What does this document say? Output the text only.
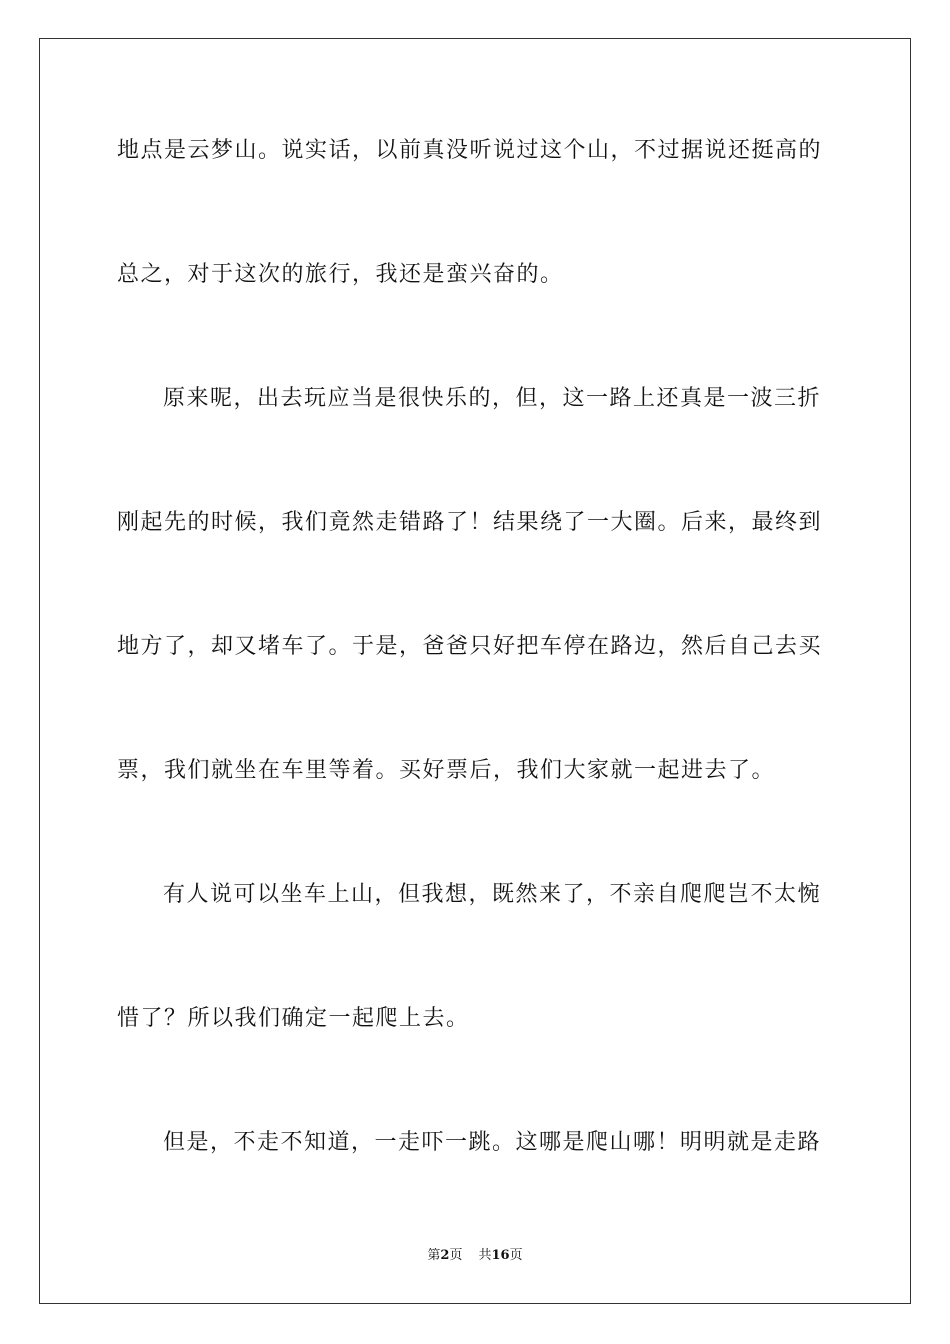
地点是云梦山。说实话，以前真没听说过这个山，不过据说还挺高的
总之，对于这次的旅行，我还是蛮兴奋的。
原来呢，出去玩应当是很快乐的，但，这一路上还真是一波三折
刚起先的时候，我们竟然走错路了！结果绕了一大圈。后来，最终到
地方了，却又堵车了。于是，爸爸只好把车停在路边，然后自己去买
票，我们就坐在车里等着。买好票后，我们大家就一起进去了。
有人说可以坐车上山，但我想，既然来了，不亲自爬爬岂不太惋
惜了？所以我们确定一起爬上去。
但是，不走不知道，一走吓一跳。这哪是爬山哪！明明就是走路
第2页 共16页
